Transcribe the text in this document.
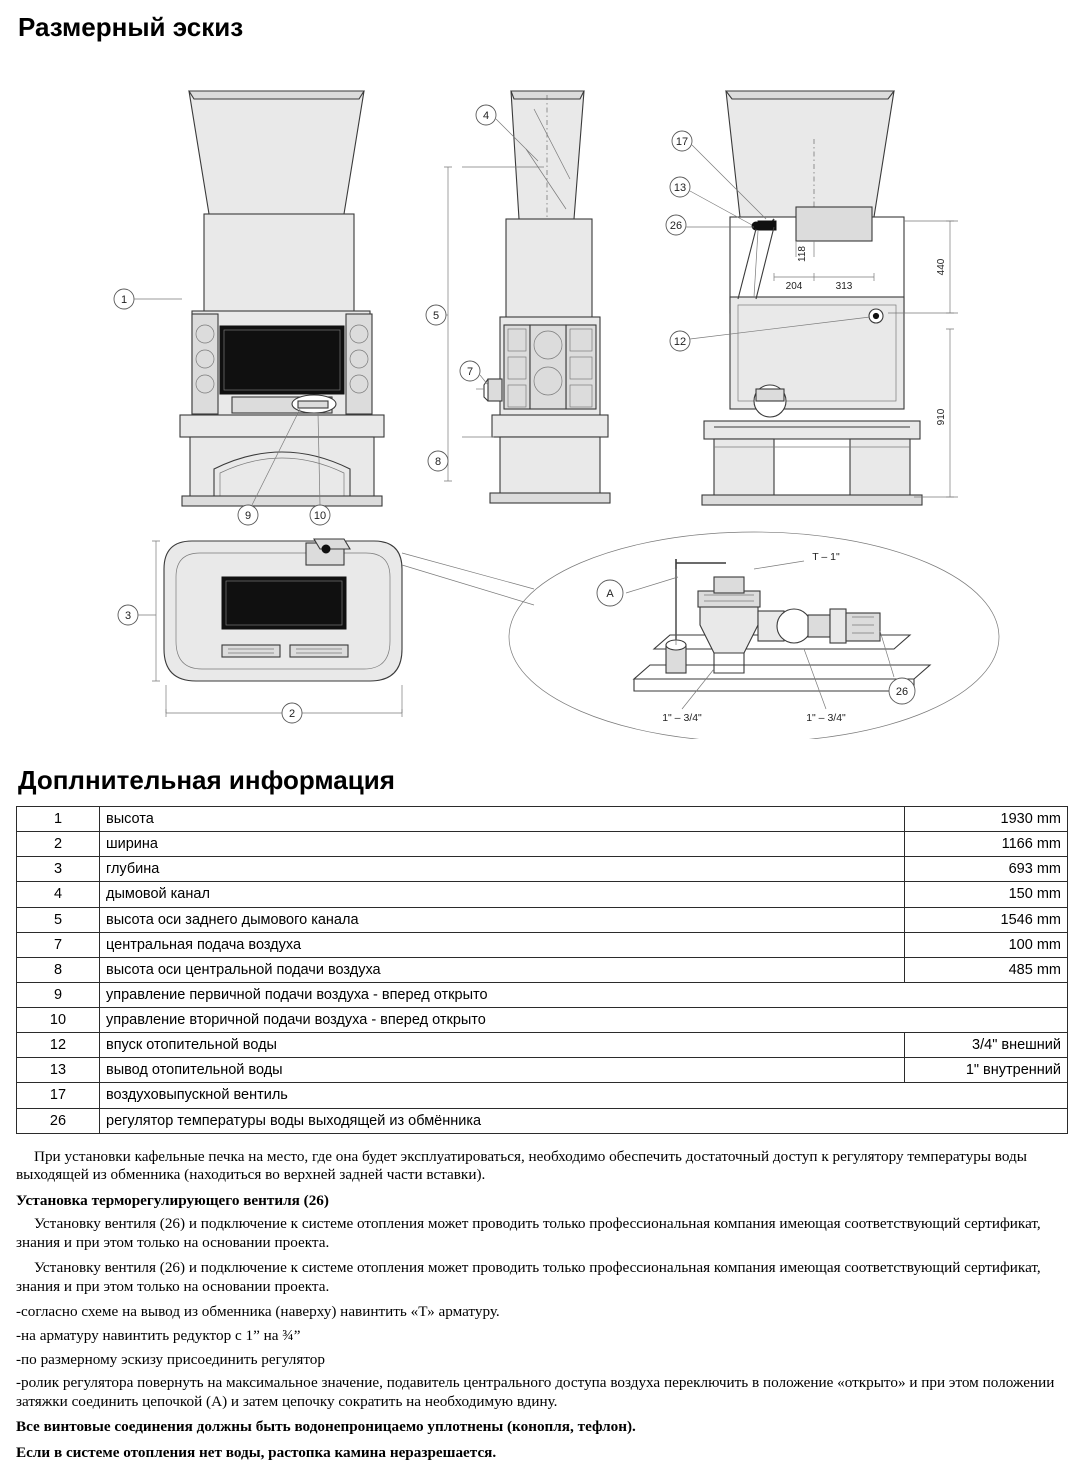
Размерный эскиз
440
910
118
204	313
T – 1"
1" – 3/4"	1" – 3/4"
1
2
3
4
5
7
8
9	10
12
13
17
26
26
A
Доплнительная информация
1	высота	1930 mm
2	ширина	1166 mm
3	глубина	693 mm
4	дымовой канал	150 mm
5	высота оси заднего дымового канала	1546 mm
7	центральная подача воздуха	100 mm
8	высота оси центральной подачи воздуха	485 mm
9	управление первичной подачи воздуха - вперед открыто	
10	управление вторичной подачи воздуха - вперед открыто	
12	впуск отопительной воды	3/4" внешний
13	вывод отопительной воды	1" внутренний
17	воздуховыпускной вентиль	
26	регулятор температуры воды выходящей из обмённика	

При установки кафельные печка на место, где она будет эксплуатироваться, необходимо обеспечить достаточный доступ к регулятору температуры воды выходящей из обменника (находиться во верхней задней части вставки).

Установка терморегулирующего вентиля (26)

Установку вентиля (26) и подключение к системе отопления может проводить только профессиональная компания имеющая соответствующий сертификат, знания и при этом только на основании проекта.

Установку вентиля (26) и подключение к системе отопления может проводить только профессиональная компания имеющая соответствующий сертификат, знания и при этом только на основании проекта.

-согласно схеме на вывод из обменника (наверху) навинтить «Т» арматуру.

-на арматуру навинтить редуктор с 1” на ¾”

-по размерному эскизу присоединить регулятор

-ролик регулятора повернуть на максимальное значение, подавитель центрального доступа воздуха переключить в положение «открыто» и при этом положении затяжки соединить цепочкой (А) и затем цепочку сократить на необходимую вдину.

Все винтовые соединения должны быть водонепроницаемо уплотнены (конопля, тефлон).

Если в системе отопления нет воды, растопка камина неразрешается.
